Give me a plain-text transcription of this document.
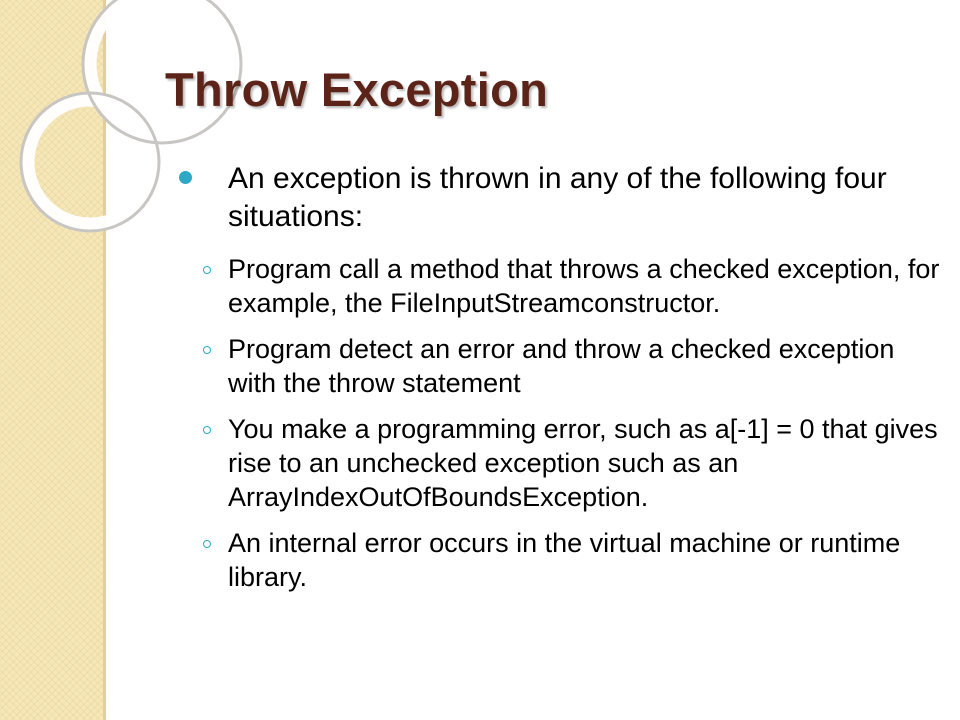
Throw Exception
An exception is thrown in any of the following four situations:
Program call a method that throws a checked exception, for example, the FileInputStreamconstructor.
Program detect an error and throw a checked exception with the throw statement
You make a programming error, such as a[-1] = 0 that gives rise to an unchecked exception such as an ArrayIndexOutOfBoundsException.
An internal error occurs in the virtual machine or runtime library.
